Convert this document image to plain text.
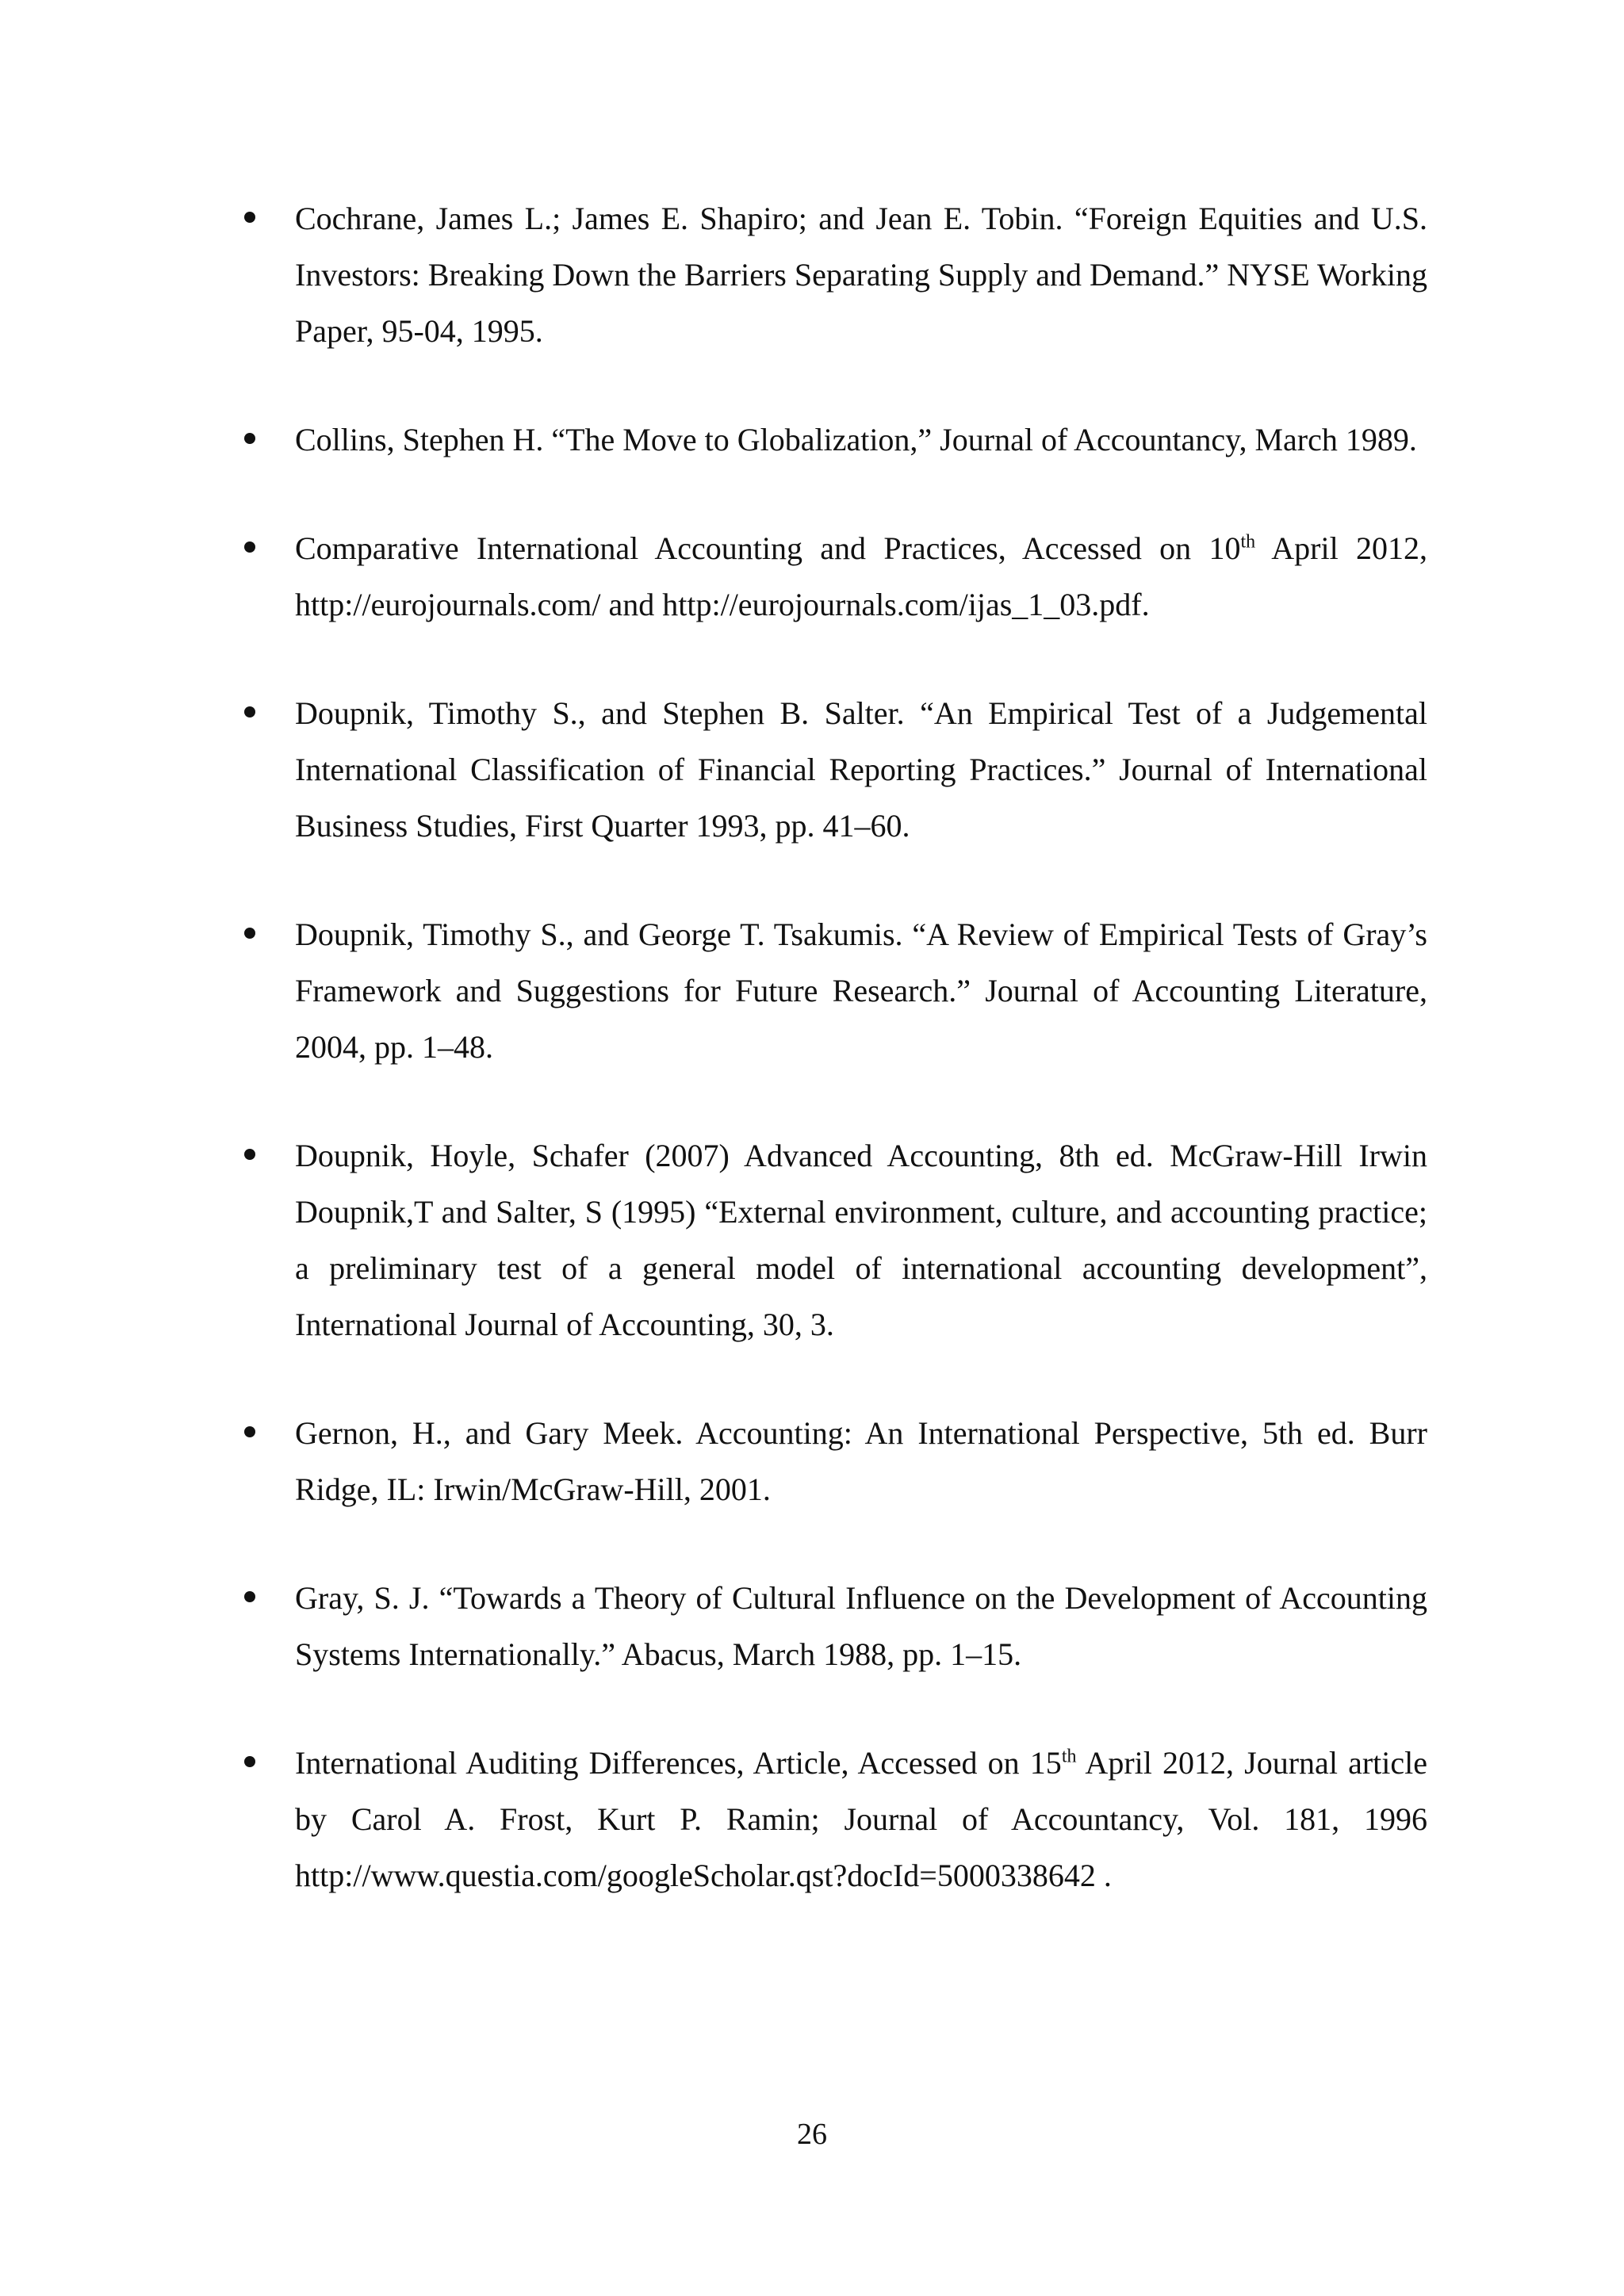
Cochrane, James L.; James E. Shapiro; and Jean E. Tobin. “Foreign Equities and U.S. Investors: Breaking Down the Barriers Separating Supply and Demand.” NYSE Working Paper, 95-04, 1995.
Collins, Stephen H. “The Move to Globalization,” Journal of Accountancy, March 1989.
Comparative International Accounting and Practices, Accessed on 10th April 2012, http://eurojournals.com/ and http://eurojournals.com/ijas_1_03.pdf.
Doupnik, Timothy S., and Stephen B. Salter. “An Empirical Test of a Judgemental International Classification of Financial Reporting Practices.” Journal of International Business Studies, First Quarter 1993, pp. 41–60.
Doupnik, Timothy S., and George T. Tsakumis. “A Review of Empirical Tests of Gray’s Framework and Suggestions for Future Research.” Journal of Accounting Literature, 2004, pp. 1–48.
Doupnik, Hoyle, Schafer (2007) Advanced Accounting, 8th ed. McGraw-Hill Irwin Doupnik,T and Salter, S (1995) “External environment, culture, and accounting practice; a preliminary test of a general model of international accounting development”, International Journal of Accounting, 30, 3.
Gernon, H., and Gary Meek. Accounting: An International Perspective, 5th ed. Burr Ridge, IL: Irwin/McGraw-Hill, 2001.
Gray, S. J. “Towards a Theory of Cultural Influence on the Development of Accounting Systems Internationally.” Abacus, March 1988, pp. 1–15.
International Auditing Differences, Article, Accessed on 15th April 2012, Journal article by Carol A. Frost, Kurt P. Ramin; Journal of Accountancy, Vol. 181, 1996 http://www.questia.com/googleScholar.qst?docId=5000338642 .
26
